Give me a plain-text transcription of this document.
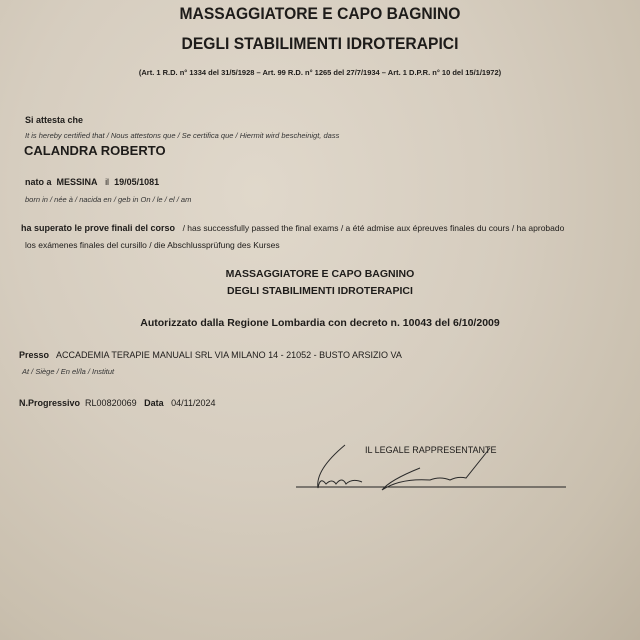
MASSAGGIATORE E CAPO BAGNINO
DEGLI STABILIMENTI IDROTERAPICI
(Art. 1 R.D. n° 1334 del 31/5/1928 – Art. 99 R.D. n° 1265 del 27/7/1934 – Art. 1 D.P.R. n° 10 del 15/1/1972)
Si attesta che
It is hereby certified that / Nous attestons que / Se certifica que / Hiermit wird bescheinigt, dass
CALANDRA ROBERTO
nato a MESSINA il 19/05/1081
born in / née à / nacida en / geb in On / le / el / am
ha superato le prove finali del corso / has successfully passed the final exams / a été admise aux épreuves finales du cours / ha aprobado
los exámenes finales del cursillo / die Abschlussprüfung des Kurses
MASSAGGIATORE E CAPO BAGNINO
DEGLI STABILIMENTI IDROTERAPICI
Autorizzato dalla Regione Lombardia con decreto n. 10043 del 6/10/2009
Presso ACCADEMIA TERAPIE MANUALI SRL VIA MILANO 14 - 21052 - BUSTO ARSIZIO VA
At / Siège / En el/la / Institut
N.Progressivo RL00820069 Data 04/11/2024
IL LEGALE RAPPRESENTANTE
